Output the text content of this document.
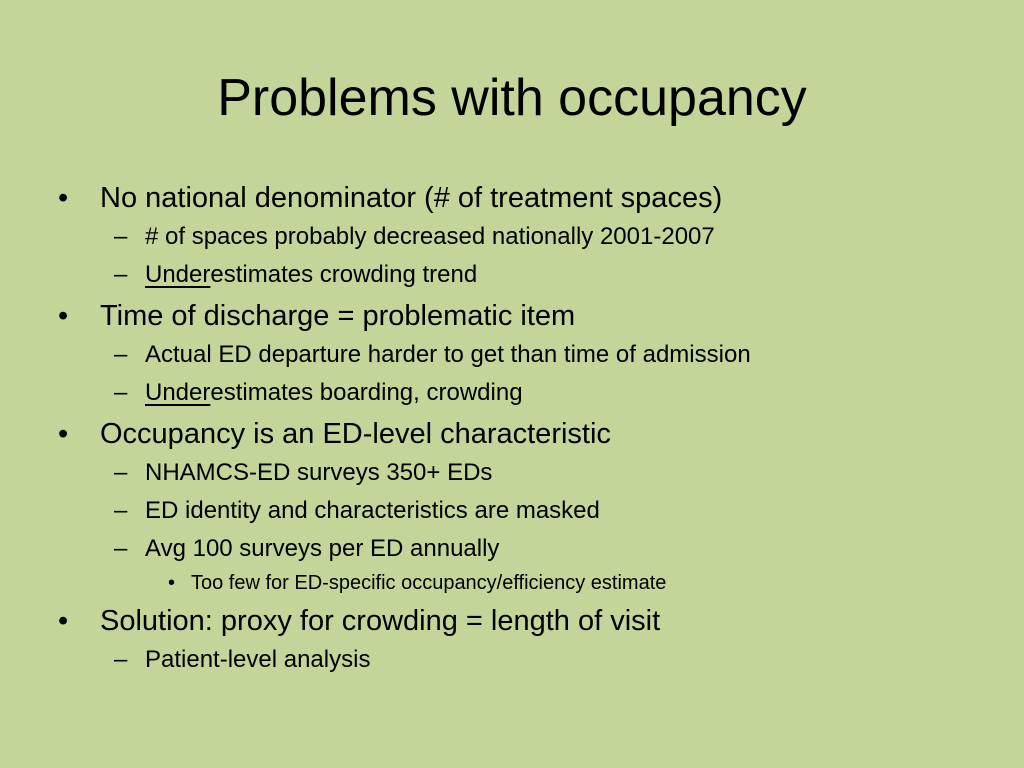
Problems with occupancy
• No national denominator (# of treatment spaces)
– # of spaces probably decreased nationally 2001-2007
– Underestimates crowding trend
• Time of discharge = problematic item
– Actual ED departure harder to get than time of admission
– Underestimates boarding, crowding
• Occupancy is an ED-level characteristic
– NHAMCS-ED surveys 350+ EDs
– ED identity and characteristics are masked
– Avg 100 surveys per ED annually
• Too few for ED-specific occupancy/efficiency estimate
• Solution: proxy for crowding = length of visit
– Patient-level analysis
